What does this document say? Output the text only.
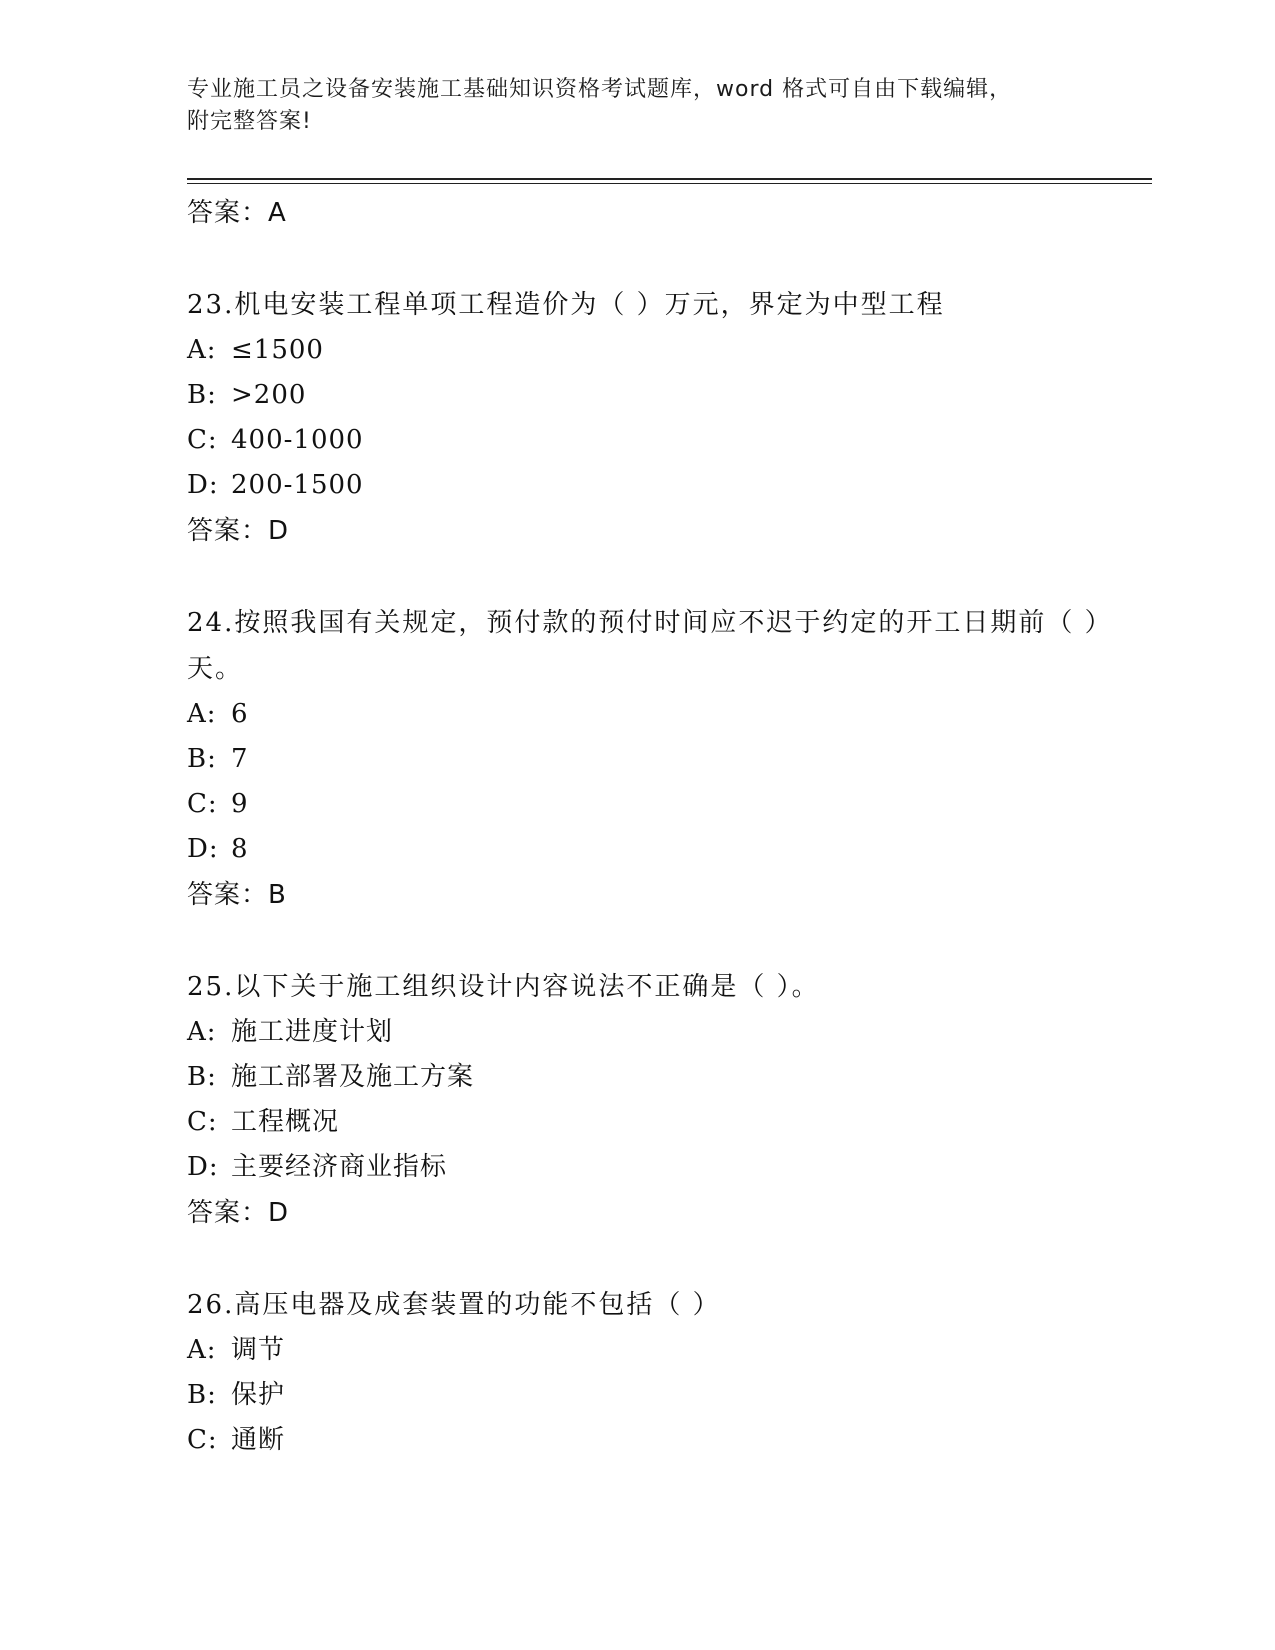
专业施工员之设备安装施工基础知识资格考试题库，word 格式可自由下载编辑，
附完整答案!
答案：A
23.机电安装工程单项工程造价为（ ）万元，界定为中型工程
A: ≤1500
B: >200
C: 400-1000
D: 200-1500
答案：D
24.按照我国有关规定，预付款的预付时间应不迟于约定的开工日期前（ ）天。
A: 6
B: 7
C: 9
D: 8
答案：B
25.以下关于施工组织设计内容说法不正确是（ ）。
A: 施工进度计划
B: 施工部署及施工方案
C: 工程概况
D: 主要经济商业指标
答案：D
26.高压电器及成套装置的功能不包括（ ）
A: 调节
B: 保护
C: 通断
